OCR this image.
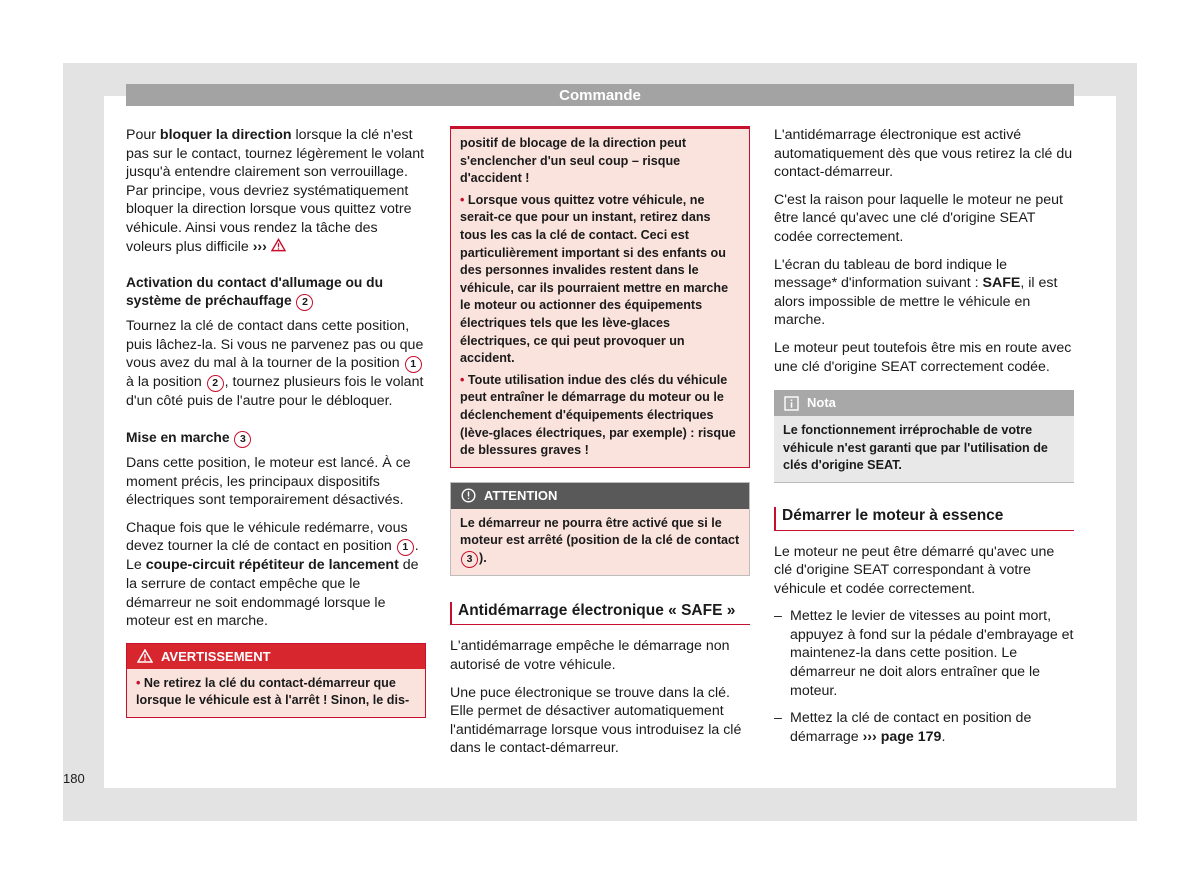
Commande

Pour bloquer la direction lorsque la clé n'est pas sur le contact, tournez légèrement le volant jusqu'à entendre clairement son verrouillage. Par principe, vous devriez systématiquement bloquer la direction lorsque vous quittez votre véhicule. Ainsi vous rendez la tâche des voleurs plus difficile ›››

Activation du contact d'allumage ou du système de préchauffage 2

Tournez la clé de contact dans cette position, puis lâchez-la. Si vous ne parvenez pas ou que vous avez du mal à la tourner de la position 1 à la position 2 , tournez plusieurs fois le volant d'un côté puis de l'autre pour le débloquer.

Mise en marche 3

Dans cette position, le moteur est lancé. À ce moment précis, les principaux dispositifs électriques sont temporairement désactivés.

Chaque fois que le véhicule redémarre, vous devez tourner la clé de contact en position 1 . Le coupe-circuit répétiteur de lancement de la serrure de contact empêche que le démarreur ne soit endommagé lorsque le moteur est en marche.

AVERTISSEMENT
• Ne retirez la clé du contact-démarreur que lorsque le véhicule est à l'arrêt ! Sinon, le dis-

positif de blocage de la direction peut s'enclencher d'un seul coup – risque d'accident !

• Lorsque vous quittez votre véhicule, ne serait-ce que pour un instant, retirez dans tous les cas la clé de contact. Ceci est particulièrement important si des enfants ou des personnes invalides restent dans le véhicule, car ils pourraient mettre en marche le moteur ou actionner des équipements électriques tels que les lève-glaces électriques, ce qui peut provoquer un accident.

• Toute utilisation indue des clés du véhicule peut entraîner le démarrage du moteur ou le déclenchement d'équipements électriques (lève-glaces électriques, par exemple) : risque de blessures graves !

ATTENTION
Le démarreur ne pourra être activé que si le moteur est arrêté (position de la clé de contact 3 ).
Antidémarrage électronique « SAFE »

L'antidémarrage empêche le démarrage non autorisé de votre véhicule.

Une puce électronique se trouve dans la clé. Elle permet de désactiver automatiquement l'antidémarrage lorsque vous introduisez la clé dans le contact-démarreur.

L'antidémarrage électronique est activé automatiquement dès que vous retirez la clé du contact-démarreur.

C'est la raison pour laquelle le moteur ne peut être lancé qu'avec une clé d'origine SEAT codée correctement.

L'écran du tableau de bord indique le message* d'information suivant : SAFE, il est alors impossible de mettre le véhicule en marche.

Le moteur peut toutefois être mis en route avec une clé d'origine SEAT correctement codée.

Nota
Le fonctionnement irréprochable de votre véhicule n'est garanti que par l'utilisation de clés d'origine SEAT.
Démarrer le moteur à essence

Le moteur ne peut être démarré qu'avec une clé d'origine SEAT correspondant à votre véhicule et codée correctement.

– Mettez le levier de vitesses au point mort, appuyez à fond sur la pédale d'embrayage et maintenez-la dans cette position. Le démarreur ne doit alors entraîner que le moteur.
– Mettez la clé de contact en position de démarrage ››› page 179.
180
